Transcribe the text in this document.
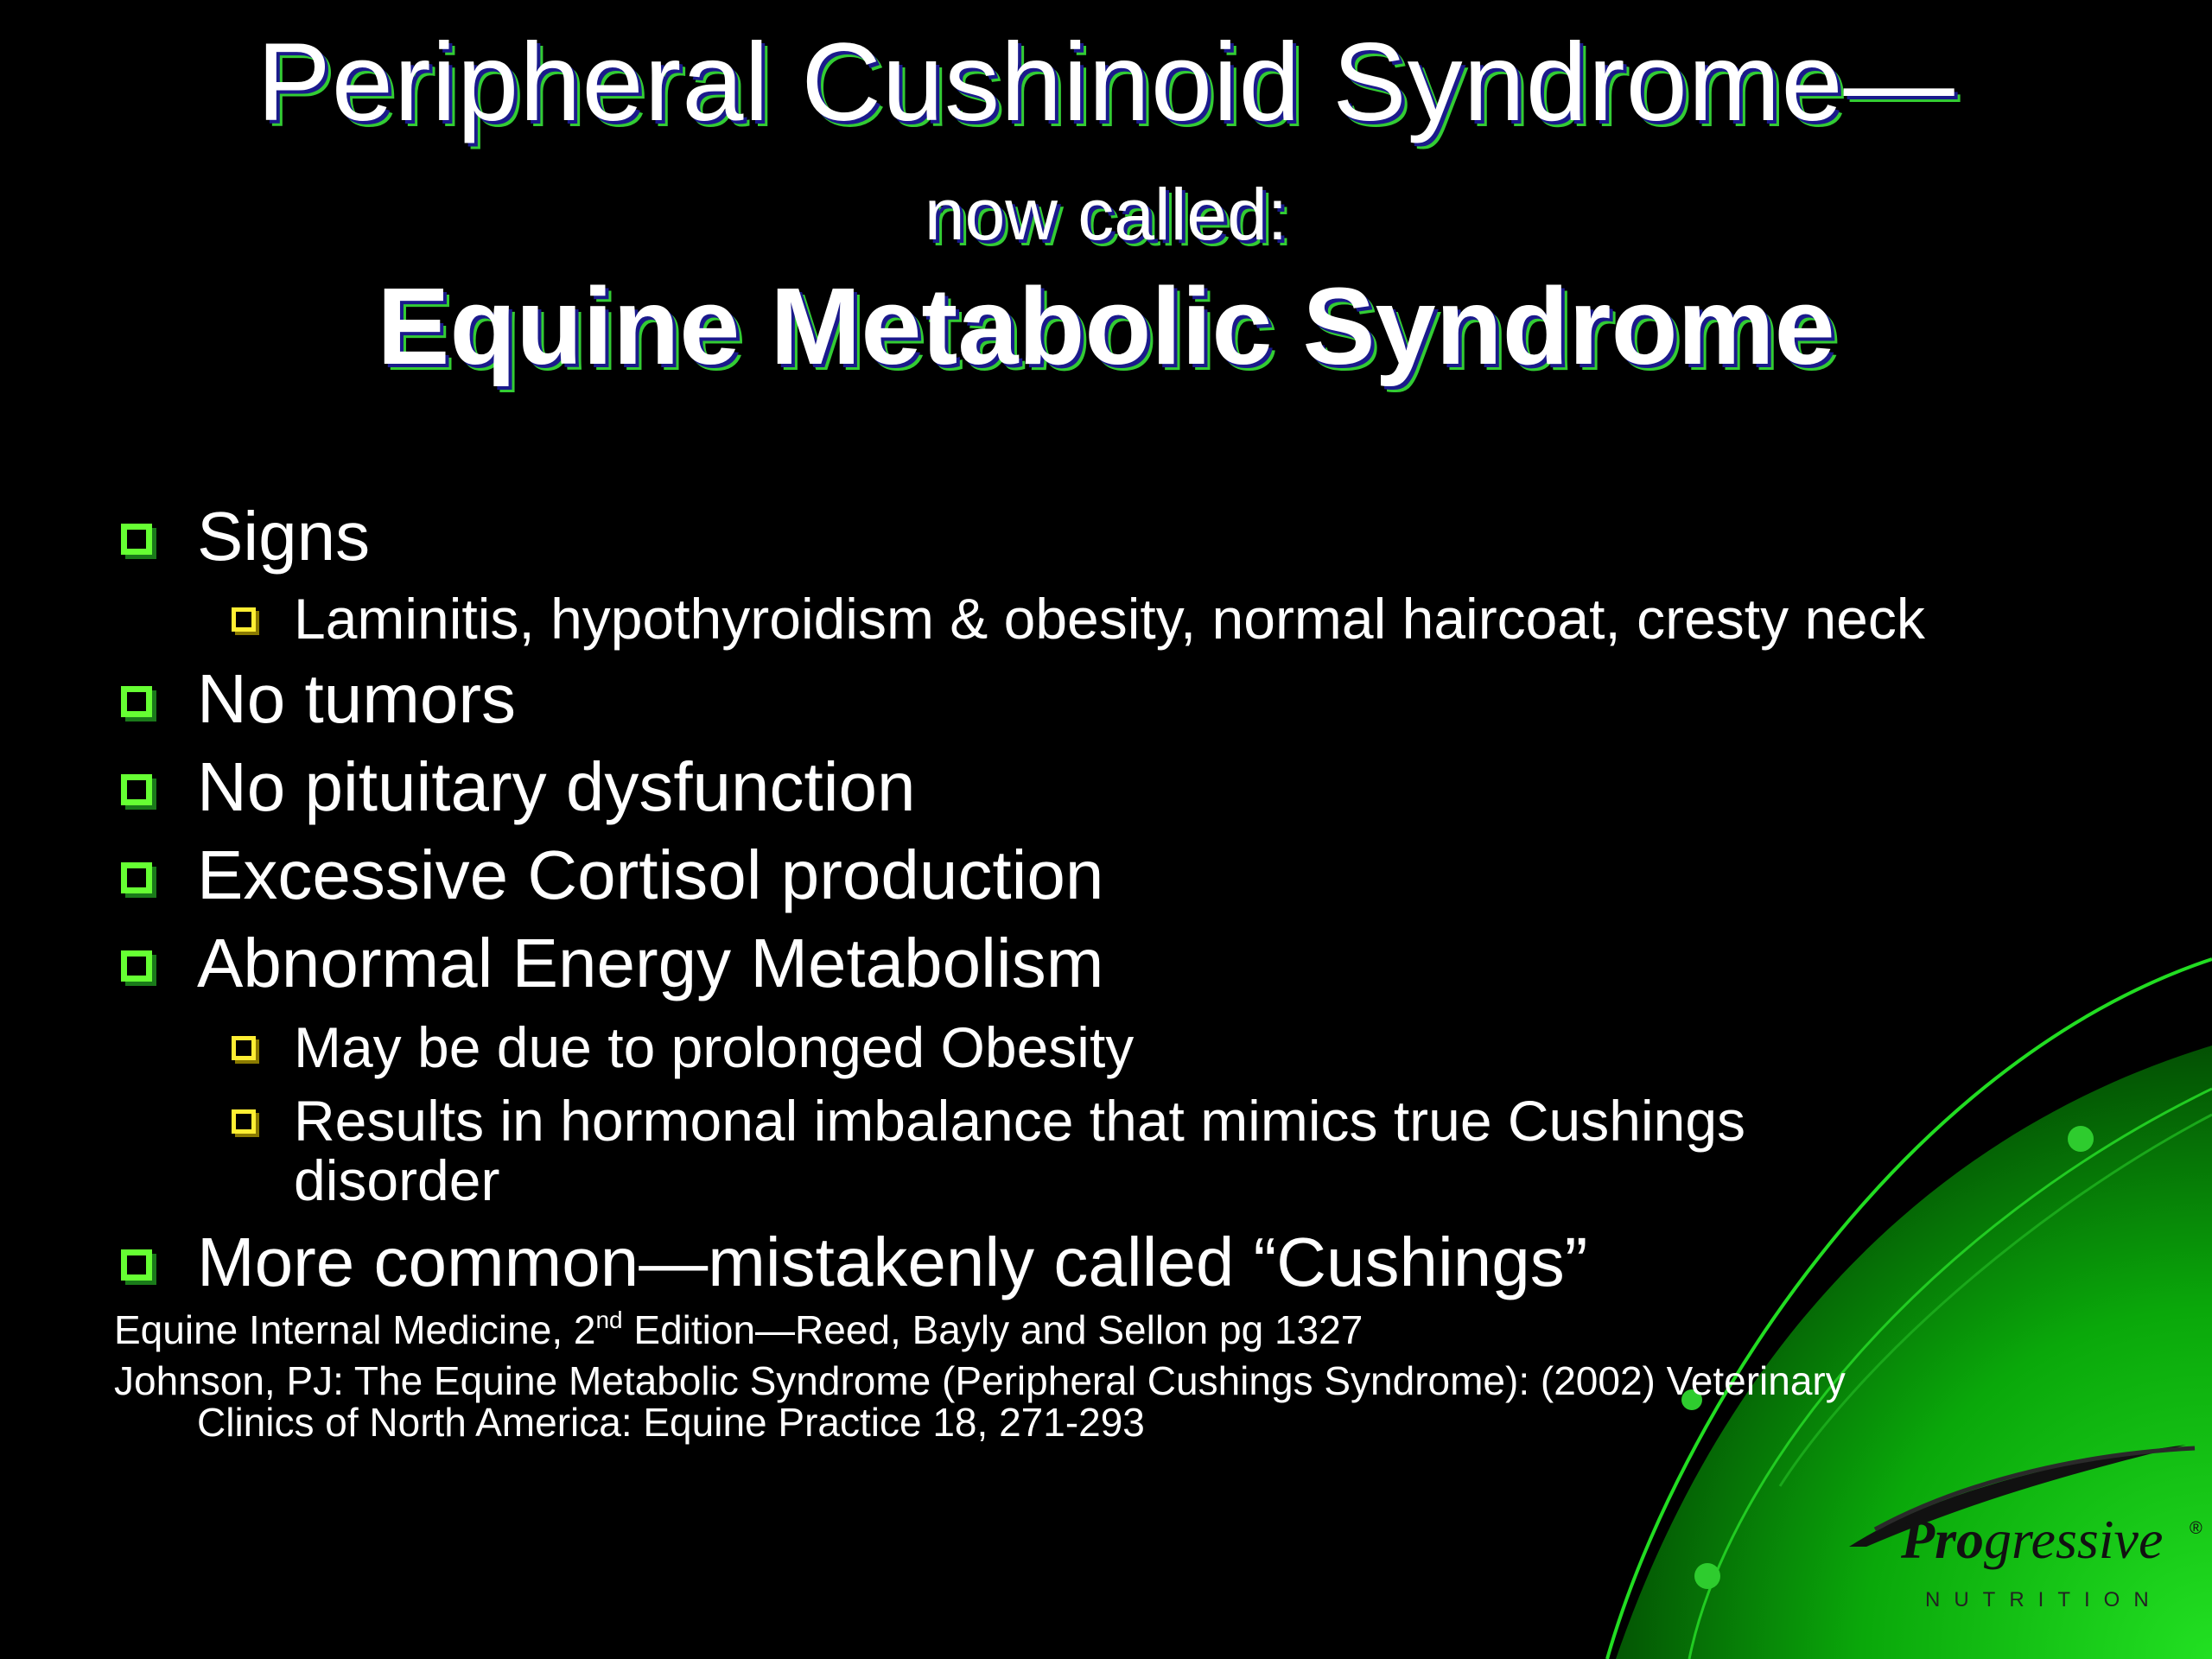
Peripheral Cushinoid Syndrome—
now called:
Equine Metabolic Syndrome
Signs
Laminitis, hypothyroidism & obesity, normal haircoat, cresty neck
No tumors
No pituitary dysfunction
Excessive Cortisol production
Abnormal Energy Metabolism
May be due to prolonged Obesity
Results in hormonal imbalance that mimics true Cushings
disorder
More common—mistakenly called “Cushings”
Equine Internal Medicine, 2nd Edition—Reed, Bayly and Sellon pg 1327
Johnson, PJ: The Equine Metabolic Syndrome (Peripheral Cushings Syndrome): (2002) Veterinary
Clinics of North America: Equine Practice 18, 271-293
Progressive ®
NUTRITION
